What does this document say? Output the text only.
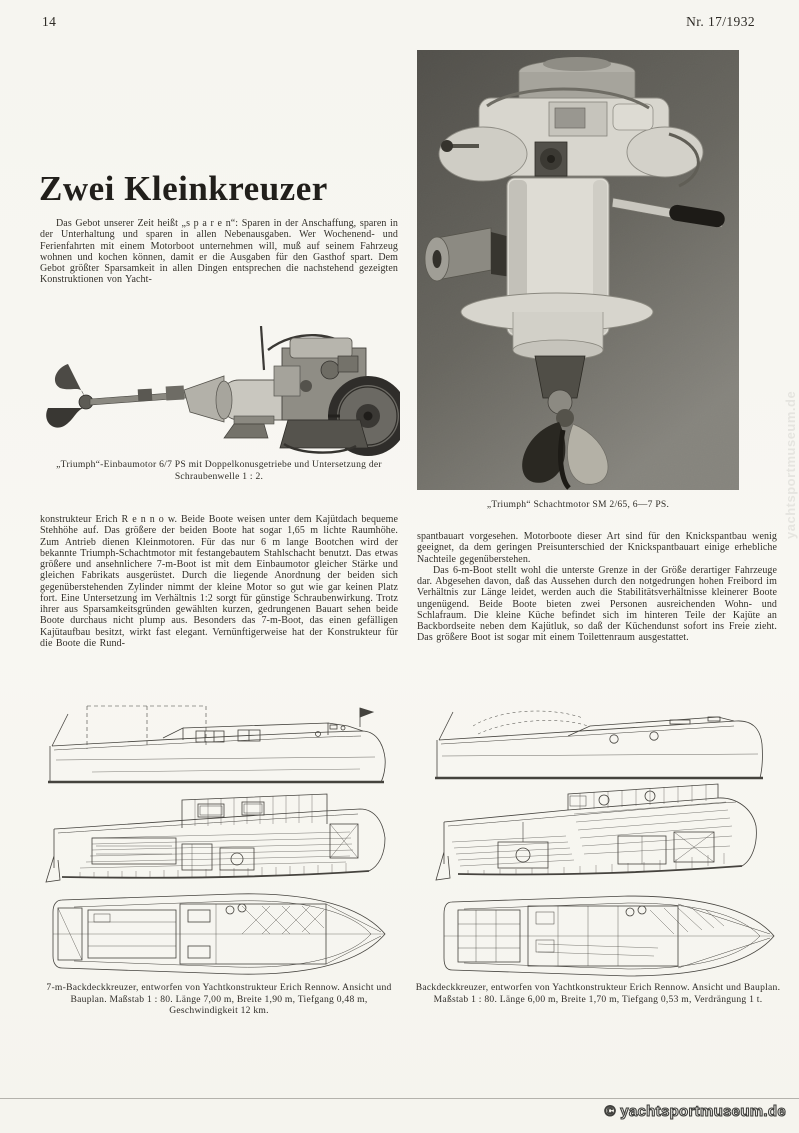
14	Nr. 17/1932
Zwei Kleinkreuzer

Das Gebot unserer Zeit heißt „s p a r e n“: Sparen in der Anschaffung, sparen in der Unterhaltung und sparen in allen Nebenausgaben. Wer Wochenend- und Ferienfahrten mit einem Motorboot unternehmen will, muß auf seinem Fahrzeug wohnen und kochen können, damit er die Ausgaben für den Gasthof spart. Dem Gebot größter Sparsamkeit in allen Dingen entsprechen die nachstehend gezeigten Konstruktionen von Yacht-

„Triumph“-Einbaumotor 6/7 PS mit Doppelkonusgetriebe und Untersetzung der Schraubenwelle 1 : 2.

konstrukteur Erich R e n n o w. Beide Boote weisen unter dem Kajütdach bequeme Stehhöhe auf. Das größere der beiden Boote hat sogar 1,65 m lichte Raumhöhe. Zum Antrieb dienen Kleinmotoren. Für das nur 6 m lange Bootchen wird der bekannte Triumph-Schachtmotor mit festangebautem Stahlschacht benutzt. Das etwas größere und ansehnlichere 7-m-Boot ist mit dem Einbaumotor gleicher Stärke und gleichen Fabrikats ausgerüstet. Durch die liegende Anordnung der beiden sich gegenüberstehenden Zylinder nimmt der kleine Motor so gut wie gar keinen Platz fort. Eine Untersetzung im Verhältnis 1:2 sorgt für günstige Schraubenwirkung. Trotz ihrer aus Sparsamkeitsgründen gewählten kurzen, gedrungenen Bauart sehen beide Boote durchaus nicht plump aus. Besonders das 7-m-Boot, das einen gefälligen Kajütaufbau besitzt, wirkt fast elegant. Vernünftigerweise hat der Konstrukteur für die Boote die Rund-

„Triumph“ Schachtmotor SM 2/65, 6—7 PS.

spantbauart vorgesehen. Motorboote dieser Art sind für den Knickspantbau wenig geeignet, da dem geringen Preisunterschied der Knickspantbauart einige erhebliche Nachteile gegenüberstehen.

Das 6-m-Boot stellt wohl die unterste Grenze in der Größe derartiger Fahrzeuge dar. Abgesehen davon, daß das Aussehen durch den notgedrungen hohen Freibord im Verhältnis zur Länge leidet, werden auch die Stabilitätsverhältnisse kleinerer Boote ungenügend. Beide Boote bieten zwei Personen ausreichenden Wohn- und Schlafraum. Die kleine Küche befindet sich im hinteren Teile der Kajüte an Backbordseite neben dem Kajütluk, so daß der Küchendunst sofort ins Freie zieht. Das größere Boot ist sogar mit einem Toilettenraum ausgestattet.

7-m-Backdeckkreuzer, entworfen von Yachtkonstrukteur Erich Rennow. Ansicht und Bauplan. Maßstab 1 : 80. Länge 7,00 m, Breite 1,90 m, Tiefgang 0,48 m, Geschwindigkeit 12 km.
Backdeckkreuzer, entworfen von Yachtkonstrukteur Erich Rennow. Ansicht und Bauplan. Maßstab 1 : 80. Länge 6,00 m, Breite 1,70 m, Tiefgang 0,53 m, Verdrängung 1 t.
yachtsportmuseum.de
© yachtsportmuseum.de
